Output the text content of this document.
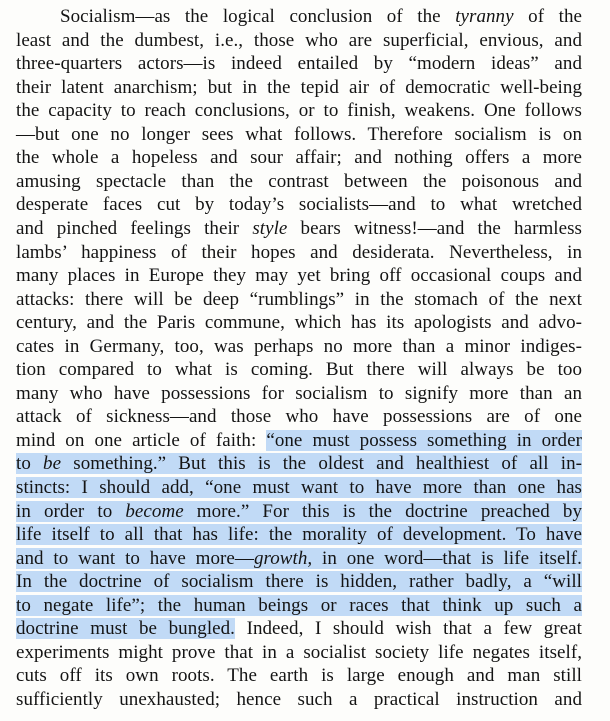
Socialism—as the logical conclusion of the tyranny of the
least and the dumbest, i.e., those who are superficial, envious, and
three-quarters actors—is indeed entailed by “modern ideas” and
their latent anarchism; but in the tepid air of democratic well-being
the capacity to reach conclusions, or to finish, weakens. One follows
—but one no longer sees what follows. Therefore socialism is on
the whole a hopeless and sour affair; and nothing offers a more
amusing spectacle than the contrast between the poisonous and
desperate faces cut by today’s socialists—and to what wretched
and pinched feelings their style bears witness!—and the harmless
lambs’ happiness of their hopes and desiderata. Nevertheless, in
many places in Europe they may yet bring off occasional coups and
attacks: there will be deep “rumblings” in the stomach of the next
century, and the Paris commune, which has its apologists and advo-
cates in Germany, too, was perhaps no more than a minor indiges-
tion compared to what is coming. But there will always be too
many who have possessions for socialism to signify more than an
attack of sickness—and those who have possessions are of one
mind on one article of faith: “one must possess something in order
to be something.” But this is the oldest and healthiest of all in-
stincts: I should add, “one must want to have more than one has
in order to become more.” For this is the doctrine preached by
life itself to all that has life: the morality of development. To have
and to want to have more—growth, in one word—that is life itself.
In the doctrine of socialism there is hidden, rather badly, a “will
to negate life”; the human beings or races that think up such a
doctrine must be bungled. Indeed, I should wish that a few great
experiments might prove that in a socialist society life negates itself,
cuts off its own roots. The earth is large enough and man still
sufficiently unexhausted; hence such a practical instruction and
